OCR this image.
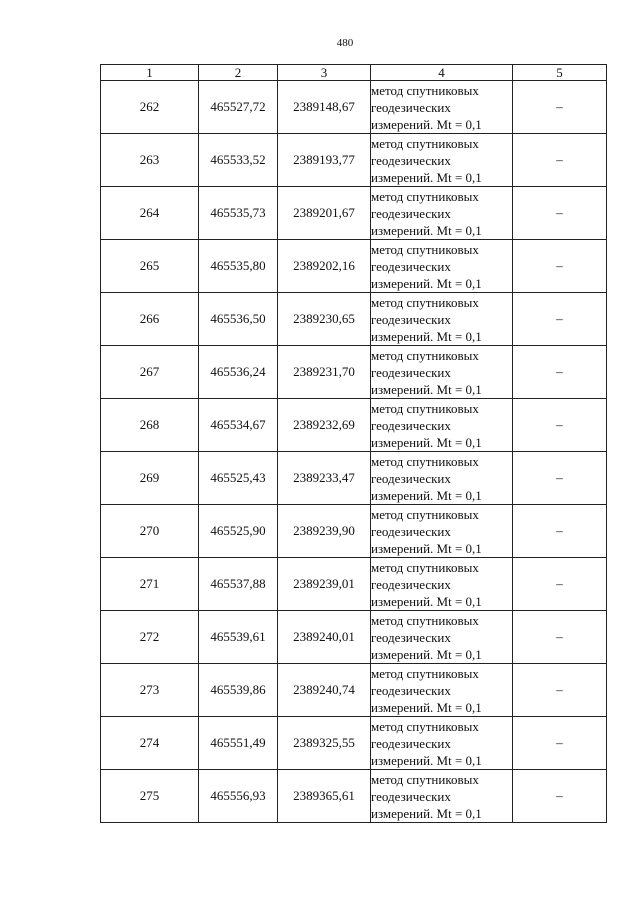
480
1	2	3	4	5
262	465527,72	2389148,67	метод спутниковых
геодезических
измерений. Mt = 0,1	–
263	465533,52	2389193,77	метод спутниковых
геодезических
измерений. Mt = 0,1	–
264	465535,73	2389201,67	метод спутниковых
геодезических
измерений. Mt = 0,1	–
265	465535,80	2389202,16	метод спутниковых
геодезических
измерений. Mt = 0,1	–
266	465536,50	2389230,65	метод спутниковых
геодезических
измерений. Mt = 0,1	–
267	465536,24	2389231,70	метод спутниковых
геодезических
измерений. Mt = 0,1	–
268	465534,67	2389232,69	метод спутниковых
геодезических
измерений. Mt = 0,1	–
269	465525,43	2389233,47	метод спутниковых
геодезических
измерений. Mt = 0,1	–
270	465525,90	2389239,90	метод спутниковых
геодезических
измерений. Mt = 0,1	–
271	465537,88	2389239,01	метод спутниковых
геодезических
измерений. Mt = 0,1	–
272	465539,61	2389240,01	метод спутниковых
геодезических
измерений. Mt = 0,1	–
273	465539,86	2389240,74	метод спутниковых
геодезических
измерений. Mt = 0,1	–
274	465551,49	2389325,55	метод спутниковых
геодезических
измерений. Mt = 0,1	–
275	465556,93	2389365,61	метод спутниковых
геодезических
измерений. Mt = 0,1	–
